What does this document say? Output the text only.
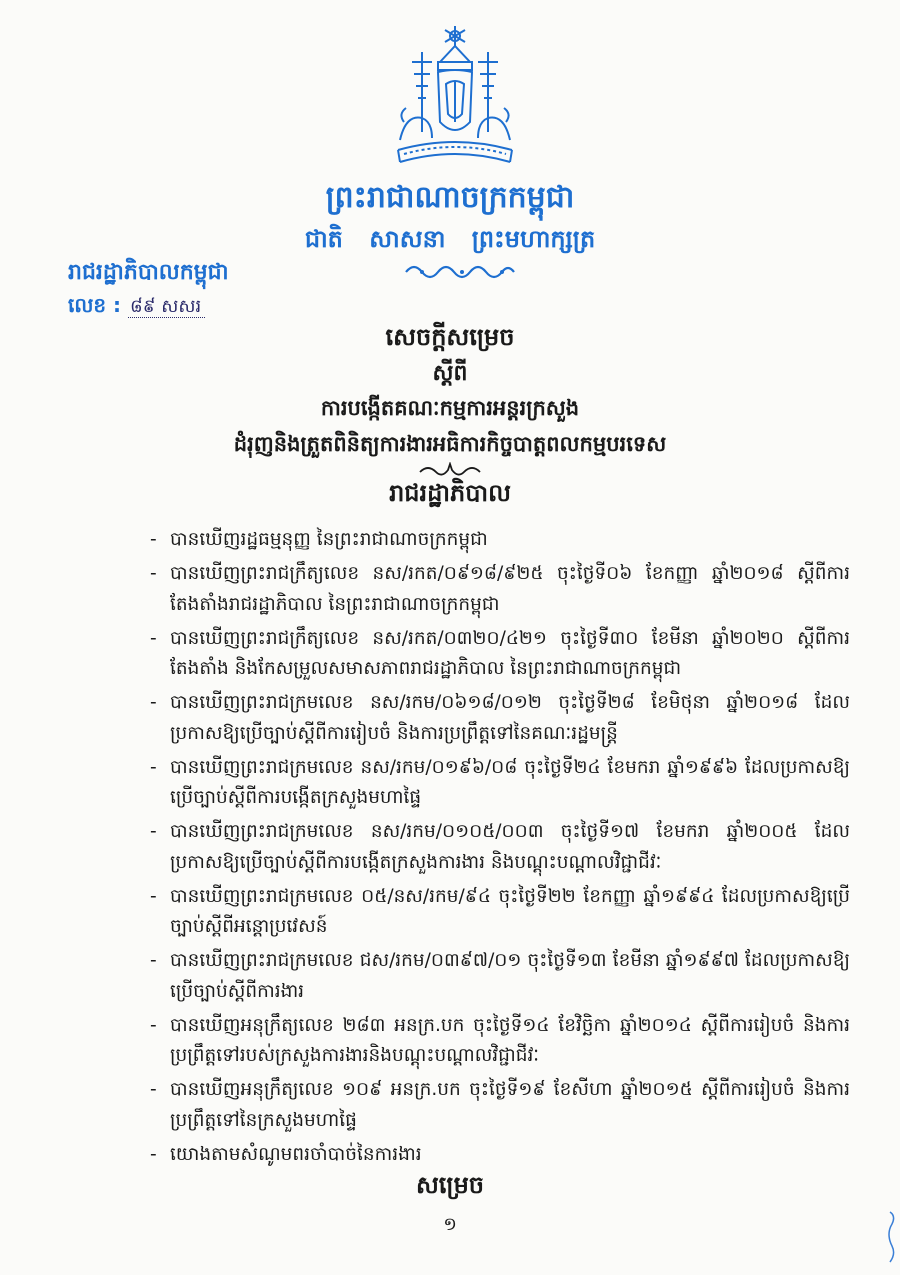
ព្រះរាជាណាចក្រកម្ពុជា
ជាតិ សាសនា ព្រះមហាក្សត្រ
រាជរដ្ឋាភិបាលកម្ពុជា
លេខ : ៨៩ សសរ
សេចក្តីសម្រេច
ស្តីពី
ការបង្កើតគណៈកម្មការអន្តរក្រសួង
ដំរុញនិងត្រួតពិនិត្យការងារអធិការកិច្ចបាត្តពលកម្មបរទេស
រាជរដ្ឋាភិបាល
- បានឃើញរដ្ឋធម្មនុញ្ញ នៃព្រះរាជាណាចក្រកម្ពុជា
- បានឃើញព្រះរាជក្រឹត្យលេខ នស/រកត/០៩១៨/៩២៥ ចុះថ្ងៃទី០៦ ខែកញ្ញា ឆ្នាំ២០១៨ ស្តីពីការតែងតាំងរាជរដ្ឋាភិបាល នៃព្រះរាជាណាចក្រកម្ពុជា
- បានឃើញព្រះរាជក្រឹត្យលេខ នស/រកត/០៣២០/៤២១ ចុះថ្ងៃទី៣០ ខែមីនា ឆ្នាំ២០២០ ស្តីពីការតែងតាំង និងកែសម្រួលសមាសភាពរាជរដ្ឋាភិបាល នៃព្រះរាជាណាចក្រកម្ពុជា
- បានឃើញព្រះរាជក្រមលេខ នស/រកម/០៦១៨/០១២ ចុះថ្ងៃទី២៨ ខែមិថុនា ឆ្នាំ២០១៨ ដែលប្រកាសឱ្យប្រើច្បាប់ស្តីពីការរៀបចំ និងការប្រព្រឹត្តទៅនៃគណៈរដ្ឋមន្ត្រី
- បានឃើញព្រះរាជក្រមលេខ នស/រកម/០១៩៦/០៨ ចុះថ្ងៃទី២៤ ខែមករា ឆ្នាំ១៩៩៦ ដែលប្រកាសឱ្យប្រើច្បាប់ស្តីពីការបង្កើតក្រសួងមហាផ្ទៃ
- បានឃើញព្រះរាជក្រមលេខ នស/រកម/០១០៥/០០៣ ចុះថ្ងៃទី១៧ ខែមករា ឆ្នាំ២០០៥ ដែលប្រកាសឱ្យប្រើច្បាប់ស្តីពីការបង្កើតក្រសួងការងារ និងបណ្តុះបណ្តាលវិជ្ជាជីវៈ
- បានឃើញព្រះរាជក្រមលេខ ០៥/នស/រកម/៩៤ ចុះថ្ងៃទី២២ ខែកញ្ញា ឆ្នាំ១៩៩៤ ដែលប្រកាសឱ្យប្រើច្បាប់ស្តីពីអន្តោប្រវេសន៍
- បានឃើញព្រះរាជក្រមលេខ ជស/រកម/០៣៩៧/០១ ចុះថ្ងៃទី១៣ ខែមីនា ឆ្នាំ១៩៩៧ ដែលប្រកាសឱ្យប្រើច្បាប់ស្តីពីការងារ
- បានឃើញអនុក្រឹត្យលេខ ២៨៣ អនក្រ.បក ចុះថ្ងៃទី១៤ ខែវិច្ឆិកា ឆ្នាំ២០១៤ ស្តីពីការរៀបចំ និងការប្រព្រឹត្តទៅរបស់ក្រសួងការងារនិងបណ្តុះបណ្តាលវិជ្ជាជីវៈ
- បានឃើញអនុក្រឹត្យលេខ ១០៩ អនក្រ.បក ចុះថ្ងៃទី១៩ ខែសីហា ឆ្នាំ២០១៥ ស្តីពីការរៀបចំ និងការប្រព្រឹត្តទៅនៃក្រសួងមហាផ្ទៃ
- យោងតាមសំណូមពរចាំបាច់នៃការងារ
សម្រេច
១
